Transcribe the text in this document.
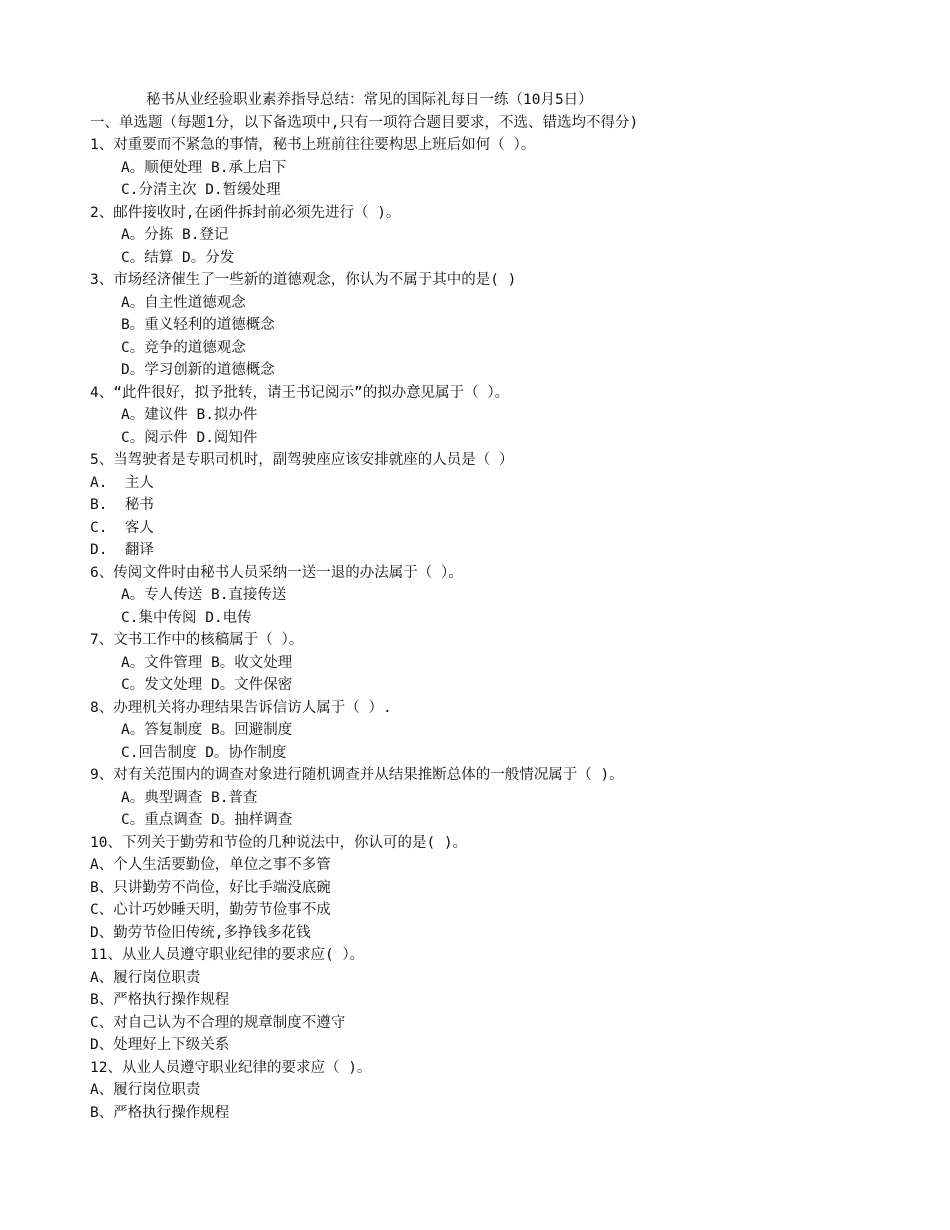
秘书从业经验职业素养指导总结：常见的国际礼每日一练（10月5日）
一、单选题（每题1分，以下备选项中,只有一项符合题目要求，不选、错选均不得分)
1、对重要而不紧急的事情，秘书上班前往往要构思上班后如何（ ）。
A。顺便处理 B.承上启下
C.分清主次 D.暂缓处理
2、邮件接收时,在函件拆封前必须先进行（ )。
A。分拣 B.登记
C。结算 D。分发
3、市场经济催生了一些新的道德观念，你认为不属于其中的是( )
A。自主性道德观念
B。重义轻利的道德概念
C。竞争的道德观念
D。学习创新的道德概念
4、“此件很好，拟予批转，请王书记阅示”的拟办意见属于（ ）。
A。建议件 B.拟办件
C。阅示件 D.阅知件
5、当驾驶者是专职司机时，副驾驶座应该安排就座的人员是（ ）
A.  主人
B.  秘书
C.  客人
D.  翻译
6、传阅文件时由秘书人员采纳一送一退的办法属于（ ）。
A。专人传送 B.直接传送
C.集中传阅 D.电传
7、文书工作中的核稿属于（ ）。
A。文件管理 B。收文处理
C。发文处理 D。文件保密
8、办理机关将办理结果告诉信访人属于（ ）.
A。答复制度 B。回避制度
C.回告制度 D。协作制度
9、对有关范围内的调查对象进行随机调查并从结果推断总体的一般情况属于（ )。
A。典型调查 B.普查
C。重点调查 D。抽样调查
10、下列关于勤劳和节俭的几种说法中，你认可的是( )。
A、个人生活要勤俭，单位之事不多管
B、只讲勤劳不尚俭，好比手端没底碗
C、心计巧妙睡天明，勤劳节俭事不成
D、勤劳节俭旧传统,多挣钱多花钱
11、从业人员遵守职业纪律的要求应( ）。
A、履行岗位职责
B、严格执行操作规程
C、对自己认为不合理的规章制度不遵守
D、处理好上下级关系
12、从业人员遵守职业纪律的要求应（ )。
A、履行岗位职责
B、严格执行操作规程
